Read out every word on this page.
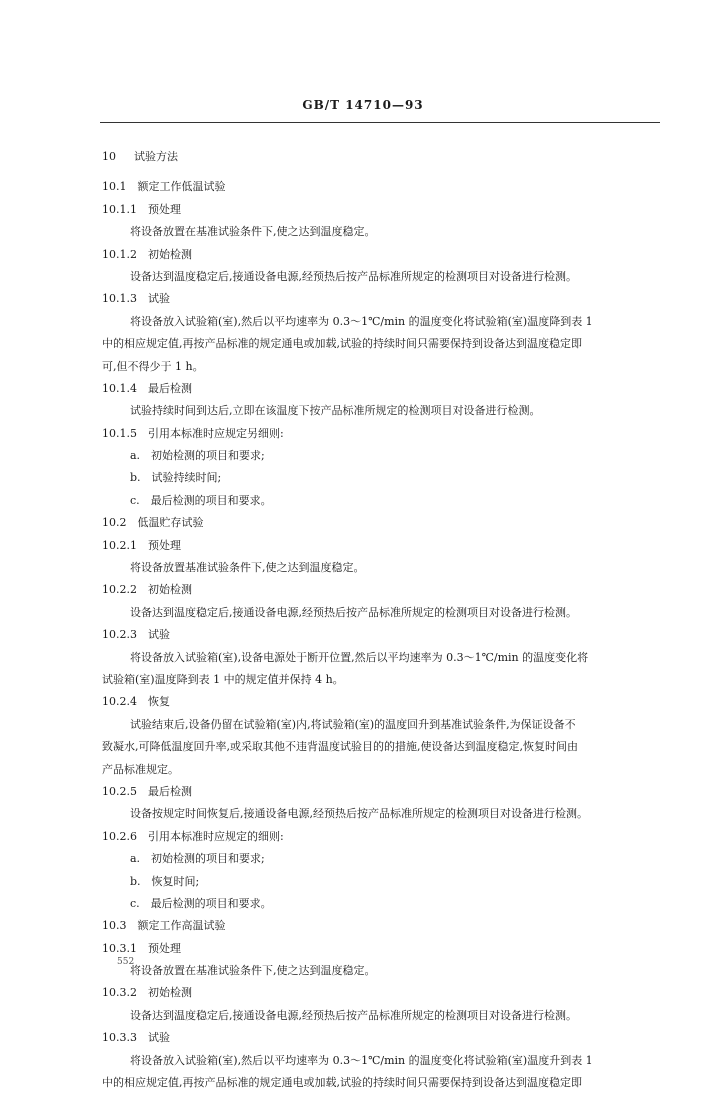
GB/T 14710—93
10 　 试验方法
10.1　额定工作低温试验
10.1.1　预处理
将设备放置在基准试验条件下,使之达到温度稳定。
10.1.2　初始检测
设备达到温度稳定后,接通设备电源,经预热后按产品标准所规定的检测项目对设备进行检测。
10.1.3　试验
将设备放入试验箱(室),然后以平均速率为 0.3～1℃/min 的温度变化将试验箱(室)温度降到表 1
中的相应规定值,再按产品标准的规定通电或加载,试验的持续时间只需要保持到设备达到温度稳定即
可,但不得少于 1 h。
10.1.4　最后检测
试验持续时间到达后,立即在该温度下按产品标准所规定的检测项目对设备进行检测。
10.1.5　引用本标准时应规定另细则:
a.　初始检测的项目和要求;
b.　试验持续时间;
c.　最后检测的项目和要求。
10.2　低温贮存试验
10.2.1　预处理
将设备放置基准试验条件下,使之达到温度稳定。
10.2.2　初始检测
设备达到温度稳定后,接通设备电源,经预热后按产品标准所规定的检测项目对设备进行检测。
10.2.3　试验
将设备放入试验箱(室),设备电源处于断开位置,然后以平均速率为 0.3～1℃/min 的温度变化将
试验箱(室)温度降到表 1 中的规定值并保持 4 h。
10.2.4　恢复
试验结束后,设备仍留在试验箱(室)内,将试验箱(室)的温度回升到基准试验条件,为保证设备不
致凝水,可降低温度回升率,或采取其他不违背温度试验目的的措施,使设备达到温度稳定,恢复时间由
产品标准规定。
10.2.5　最后检测
设备按规定时间恢复后,接通设备电源,经预热后按产品标准所规定的检测项目对设备进行检测。
10.2.6　引用本标准时应规定的细则:
a.　初始检测的项目和要求;
b.　恢复时间;
c.　最后检测的项目和要求。
10.3　额定工作高温试验
10.3.1　预处理
将设备放置在基准试验条件下,使之达到温度稳定。
10.3.2　初始检测
设备达到温度稳定后,接通设备电源,经预热后按产品标准所规定的检测项目对设备进行检测。
10.3.3　试验
将设备放入试验箱(室),然后以平均速率为 0.3～1℃/min 的温度变化将试验箱(室)温度升到表 1
中的相应规定值,再按产品标准的规定通电或加载,试验的持续时间只需要保持到设备达到温度稳定即
552
